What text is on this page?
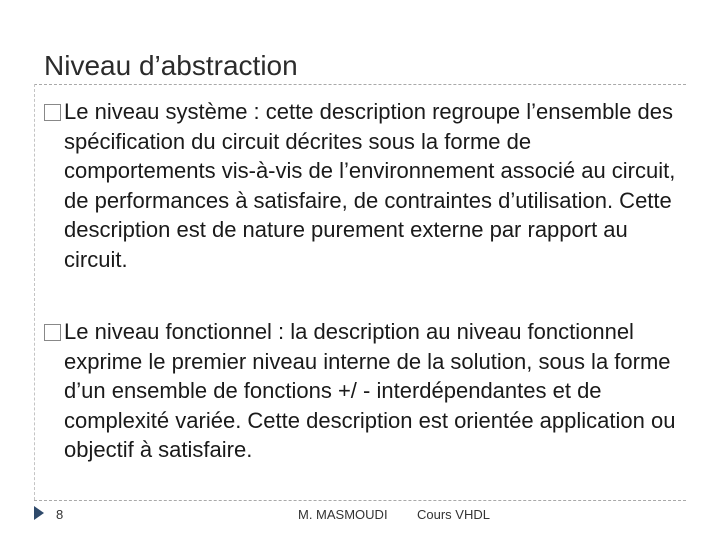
Niveau d’abstraction
Le niveau système : cette description regroupe l’ensemble des spécification du circuit décrites sous la forme de comportements vis-à-vis de l’environnement associé au circuit, de performances à satisfaire, de contraintes d’utilisation. Cette description est de nature purement externe par rapport au circuit.
Le niveau fonctionnel : la description au niveau fonctionnel exprime le premier niveau interne de la solution, sous la forme d’un ensemble de fonctions +/ - interdépendantes et de complexité variée. Cette description est orientée application ou objectif à satisfaire.
8	M. MASMOUDI Cours VHDL
